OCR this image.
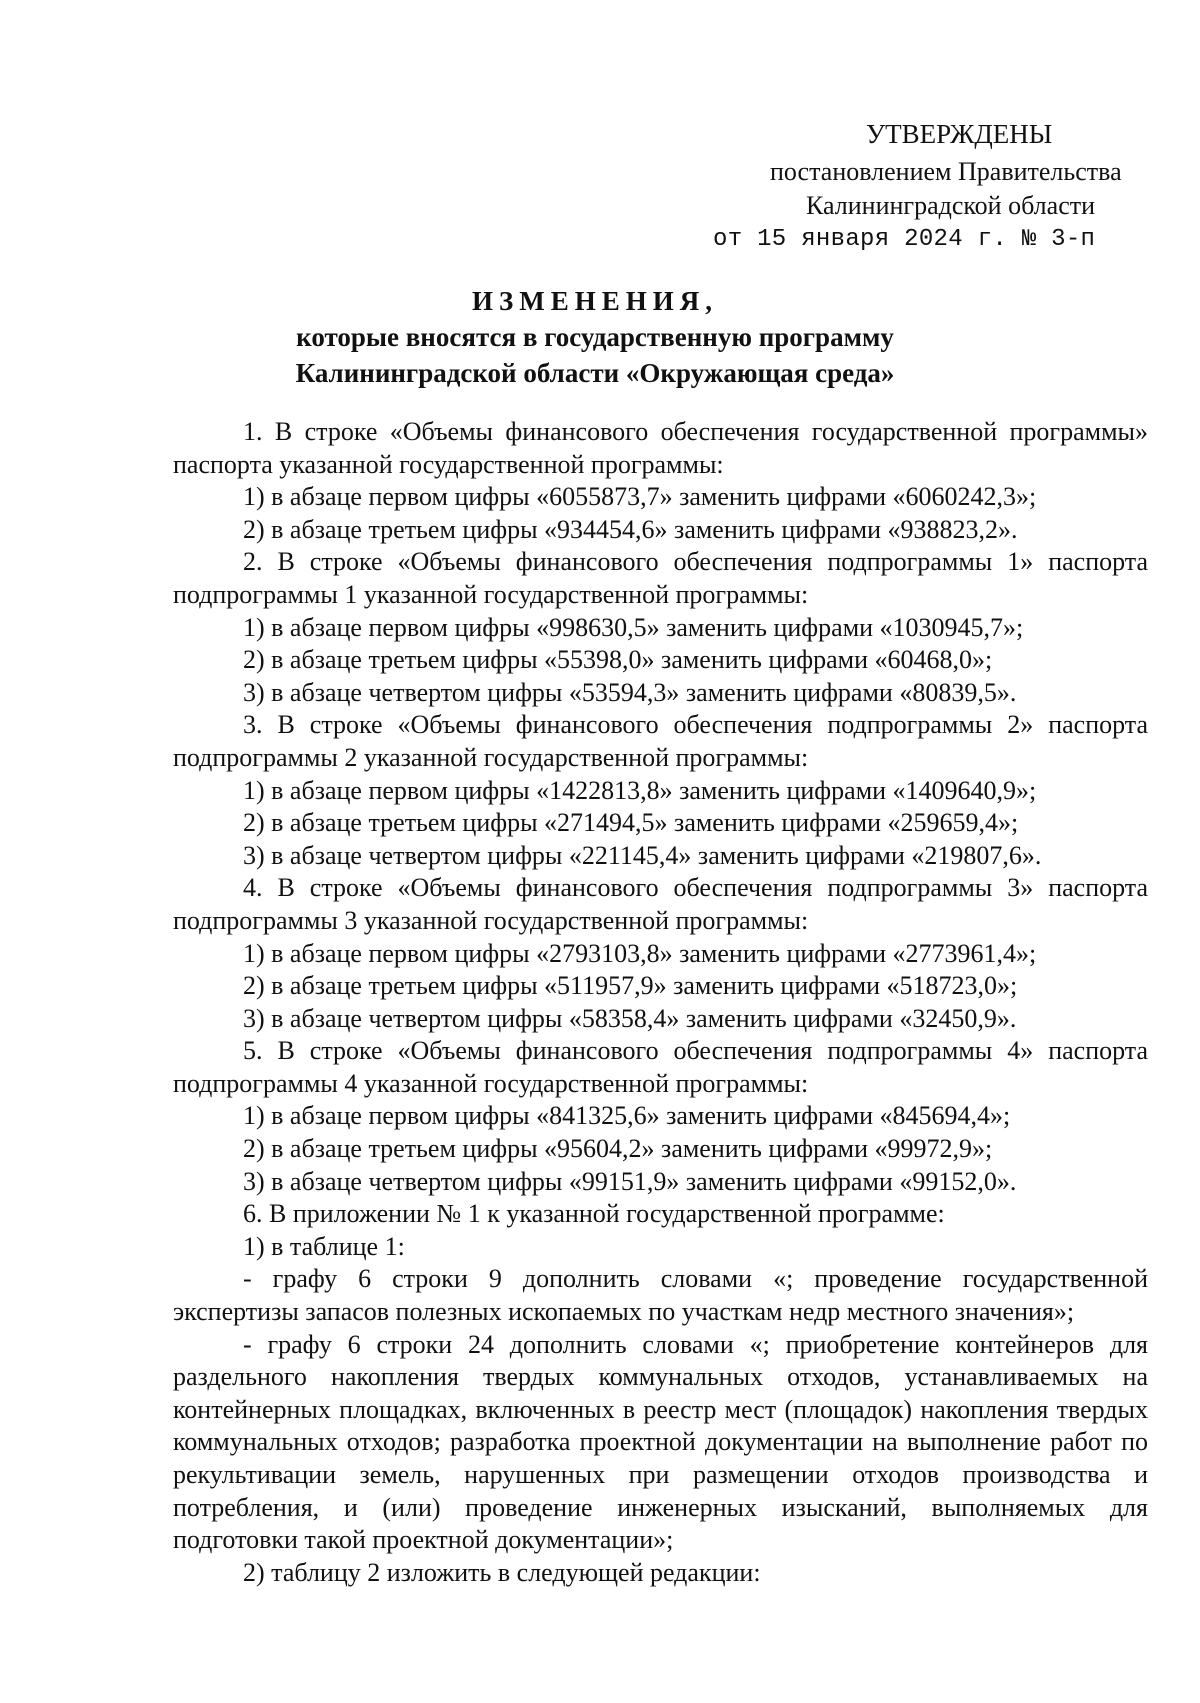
УТВЕРЖДЕНЫ
постановлением Правительства
Калининградской области
от 15 января 2024 г. № 3-п
ИЗМЕНЕНИЯ,
которые вносятся в государственную программу
Калининградской области «Окружающая среда»

1. В строке «Объемы финансового обеспечения государственной программы» паспорта указанной государственной программы:

1) в абзаце первом цифры «6055873,7» заменить цифрами «6060242,3»;

2) в абзаце третьем цифры «934454,6» заменить цифрами «938823,2».

2. В строке «Объемы финансового обеспечения подпрограммы 1» паспорта подпрограммы 1 указанной государственной программы:

1) в абзаце первом цифры «998630,5» заменить цифрами «1030945,7»;

2) в абзаце третьем цифры «55398,0» заменить цифрами «60468,0»;

3) в абзаце четвертом цифры «53594,3» заменить цифрами «80839,5».

3. В строке «Объемы финансового обеспечения подпрограммы 2» паспорта подпрограммы 2 указанной государственной программы:

1) в абзаце первом цифры «1422813,8» заменить цифрами «1409640,9»;

2) в абзаце третьем цифры «271494,5» заменить цифрами «259659,4»;

3) в абзаце четвертом цифры «221145,4» заменить цифрами «219807,6».

4. В строке «Объемы финансового обеспечения подпрограммы 3» паспорта подпрограммы 3 указанной государственной программы:

1) в абзаце первом цифры «2793103,8» заменить цифрами «2773961,4»;

2) в абзаце третьем цифры «511957,9» заменить цифрами «518723,0»;

3) в абзаце четвертом цифры «58358,4» заменить цифрами «32450,9».

5. В строке «Объемы финансового обеспечения подпрограммы 4» паспорта подпрограммы 4 указанной государственной программы:

1) в абзаце первом цифры «841325,6» заменить цифрами «845694,4»;

2) в абзаце третьем цифры «95604,2» заменить цифрами «99972,9»;

3) в абзаце четвертом цифры «99151,9» заменить цифрами «99152,0».

6. В приложении № 1 к указанной государственной программе:

1) в таблице 1:

- графу 6 строки 9 дополнить словами «; проведение государственной экспертизы запасов полезных ископаемых по участкам недр местного значения»;

- графу 6 строки 24 дополнить словами «; приобретение контейнеров для раздельного накопления твердых коммунальных отходов, устанавливаемых на контейнерных площадках, включенных в реестр мест (площадок) накопления твердых коммунальных отходов; разработка проектной документации на выполнение работ по рекультивации земель, нарушенных при размещении отходов производства и потребления, и (или) проведение инженерных изысканий, выполняемых для подготовки такой проектной документации»;

2) таблицу 2 изложить в следующей редакции:
